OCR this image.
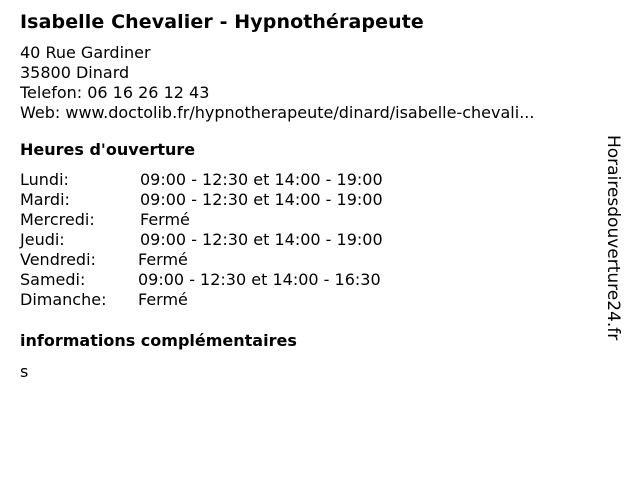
Isabelle Chevalier - Hypnothérapeute
40 Rue Gardiner
35800 Dinard
Telefon: 06 16 26 12 43
Web: www.doctolib.fr/hypnotherapeute/dinard/isabelle-chevali...
Heures d'ouverture
Lundi:	09:00 - 12:30 et 14:00 - 19:00
Mardi:	09:00 - 12:30 et 14:00 - 19:00
Mercredi:	Fermé
Jeudi:	09:00 - 12:30 et 14:00 - 19:00
Vendredi:	Fermé
Samedi:	09:00 - 12:30 et 14:00 - 16:30
Dimanche:	Fermé
informations complémentaires
s
Horairesdouverture24.fr
